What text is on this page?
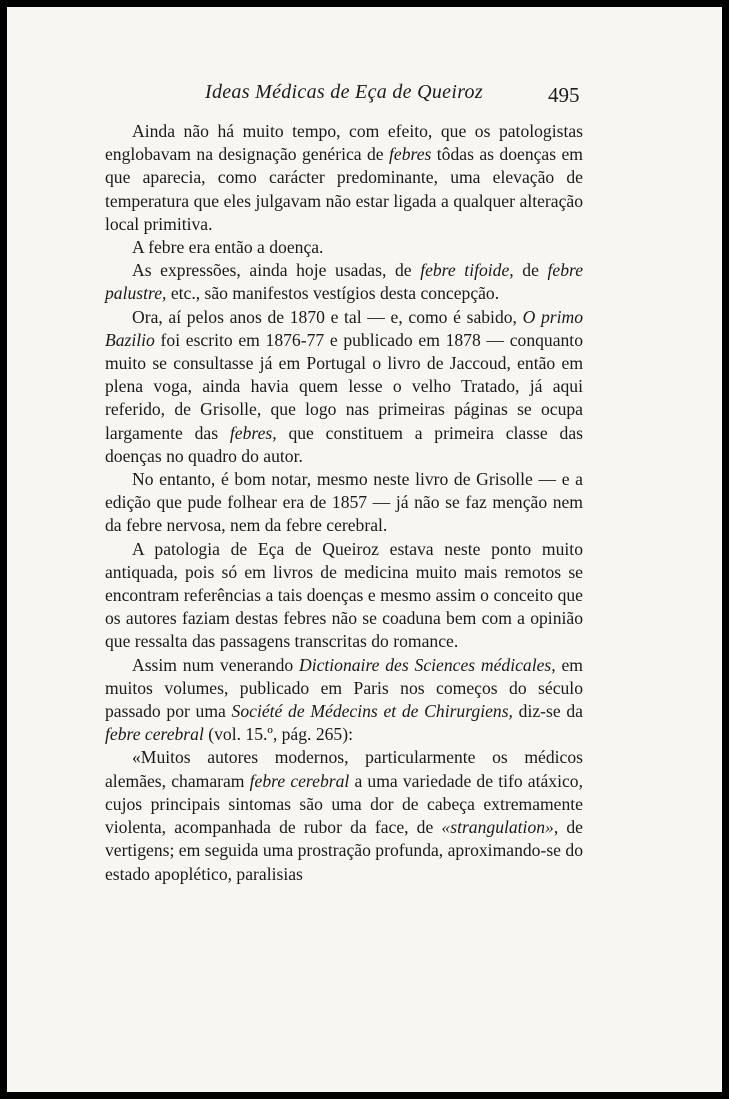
Ideas Médicas de Eça de Queiroz	495

Ainda não há muito tempo, com efeito, que os patologistas englobavam na designação genérica de febres tôdas as doenças em que aparecia, como carácter predominante, uma elevação de temperatura que eles julgavam não estar ligada a qualquer alteração local primitiva.

A febre era então a doença.

As expressões, ainda hoje usadas, de febre tifoide, de febre palustre, etc., são manifestos vestígios desta concepção.

Ora, aí pelos anos de 1870 e tal — e, como é sabido, O primo Bazilio foi escrito em 1876-77 e publicado em 1878 — conquanto muito se consultasse já em Portugal o livro de Jaccoud, então em plena voga, ainda havia quem lesse o velho Tratado, já aqui referido, de Grisolle, que logo nas primeiras páginas se ocupa largamente das febres, que constituem a primeira classe das doenças no quadro do autor.

No entanto, é bom notar, mesmo neste livro de Grisolle — e a edição que pude folhear era de 1857 — já não se faz menção nem da febre nervosa, nem da febre cerebral.

A patologia de Eça de Queiroz estava neste ponto muito antiquada, pois só em livros de medicina muito mais remotos se encontram referências a tais doenças e mesmo assim o conceito que os autores faziam destas febres não se coaduna bem com a opinião que ressalta das passagens transcritas do romance.

Assim num venerando Dictionaire des Sciences médicales, em muitos volumes, publicado em Paris nos começos do século passado por uma Société de Médecins et de Chirurgiens, diz-se da febre cerebral (vol. 15.º, pág. 265):

«Muitos autores modernos, particularmente os médicos alemães, chamaram febre cerebral a uma variedade de tifo atáxico, cujos principais sintomas são uma dor de cabeça extremamente violenta, acompanhada de rubor da face, de «strangulation», de vertigens; em seguida uma prostração profunda, aproximando-se do estado apoplético, paralisias
